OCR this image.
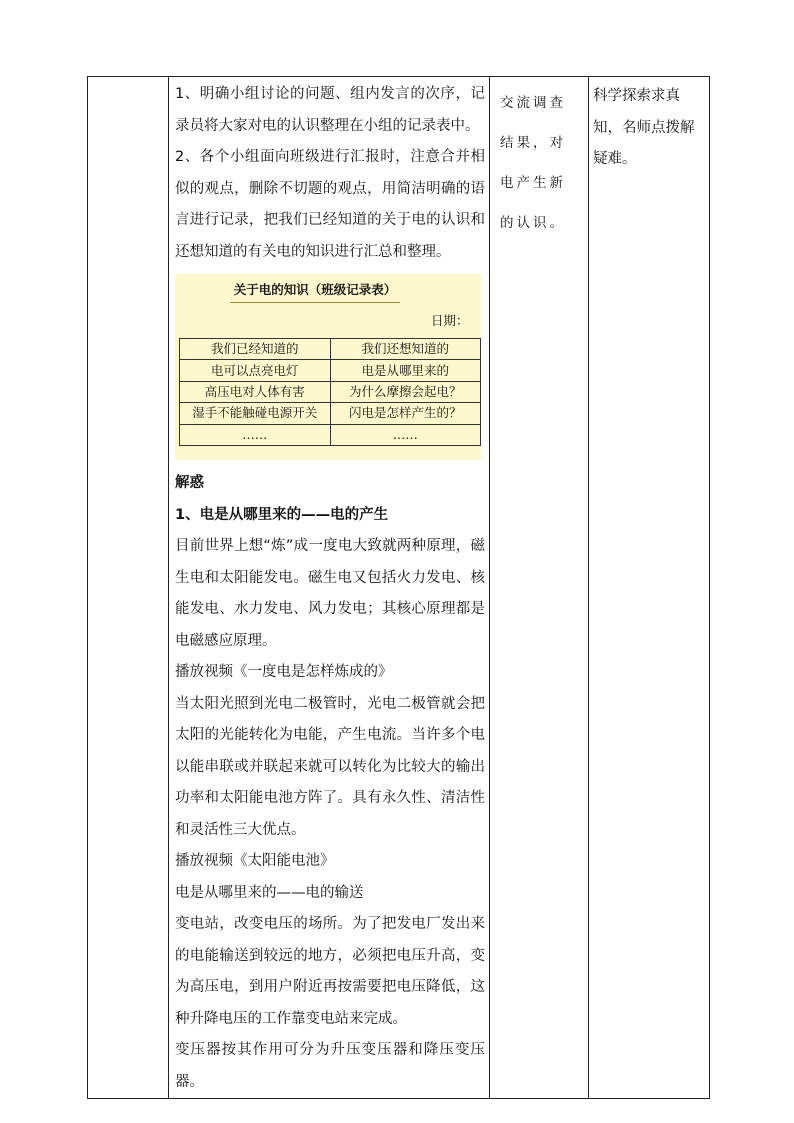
1、明确小组讨论的问题、组内发言的次序，记录员将大家对电的认识整理在小组的记录表中。

2、各个小组面向班级进行汇报时，注意合并相似的观点，删除不切题的观点，用简洁明确的语言进行记录，把我们已经知道的关于电的认识和还想知道的有关电的知识进行汇总和整理。

关于电的知识（班级记录表）
日期：
我们已经知道的	我们还想知道的
电可以点亮电灯	电是从哪里来的
高压电对人体有害	为什么摩擦会起电？
湿手不能触碰电源开关	闪电是怎样产生的？
……	……

解惑

1、电是从哪里来的——电的产生

目前世界上想“炼”成一度电大致就两种原理，磁生电和太阳能发电。磁生电又包括火力发电、核能发电、水力发电、风力发电；其核心原理都是电磁感应原理。

播放视频《一度电是怎样炼成的》

当太阳光照到光电二极管时，光电二极管就会把太阳的光能转化为电能，产生电流。当许多个电以能串联或并联起来就可以转化为比较大的输出功率和太阳能电池方阵了。具有永久性、清洁性和灵活性三大优点。

播放视频《太阳能电池》

电是从哪里来的——电的输送

变电站，改变电压的场所。为了把发电厂发出来的电能输送到较远的地方，必须把电压升高，变为高压电，到用户附近再按需要把电压降低，这种升降电压的工作靠变电站来完成。

变压器按其作用可分为升压变压器和降压变压器。

交流调查结果，对电产生新的认识。

科学探索求真知，名师点拨解疑难。
